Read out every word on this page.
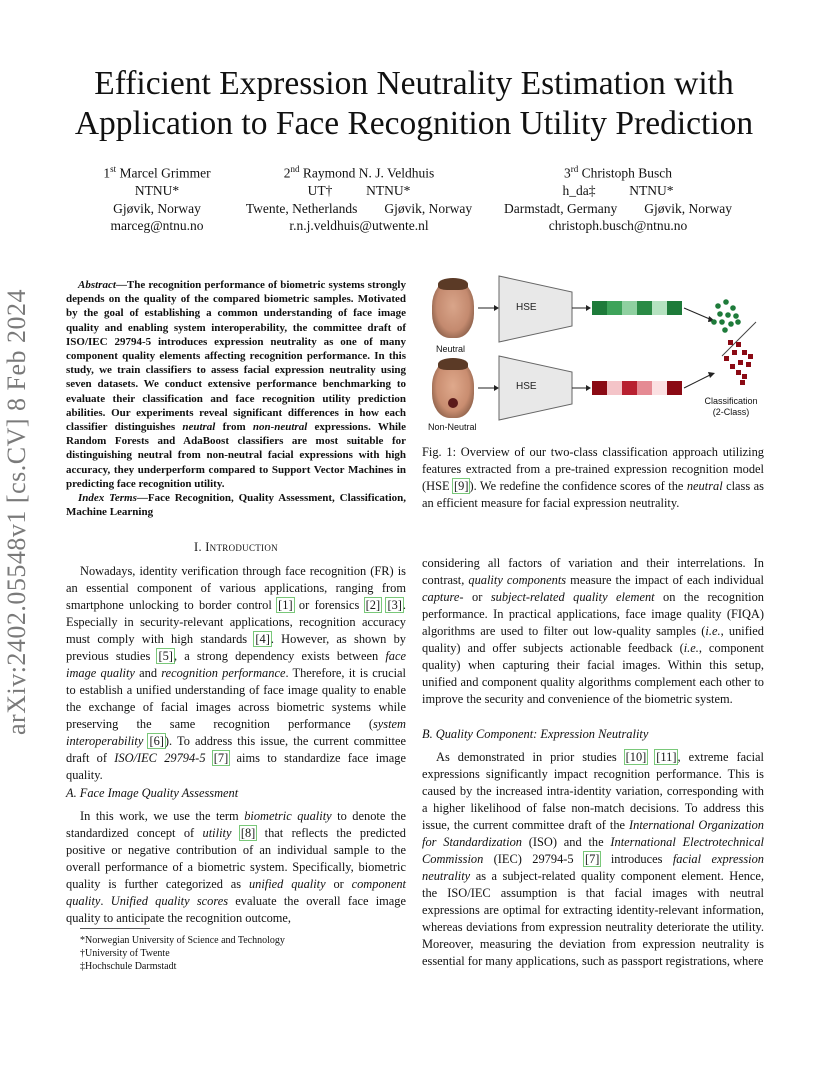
arXiv:2402.05548v1 [cs.CV] 8 Feb 2024
Efficient Expression Neutrality Estimation with
Application to Face Recognition Utility Prediction
1st Marcel Grimmer
NTNU*
Gjøvik, Norway
marceg@ntnu.no
2nd Raymond N. J. Veldhuis
UT†          NTNU*
Twente, Netherlands        Gjøvik, Norway
r.n.j.veldhuis@utwente.nl
3rd Christoph Busch
h_da‡          NTNU*
Darmstadt, Germany        Gjøvik, Norway
christoph.busch@ntnu.no

Abstract—The recognition performance of biometric systems strongly depends on the quality of the compared biometric samples. Motivated by the goal of establishing a common understanding of face image quality and enabling system interoperability, the committee draft of ISO/IEC 29794-5 introduces expression neutrality as one of many component quality elements affecting recognition performance. In this study, we train classifiers to assess facial expression neutrality using seven datasets. We conduct extensive performance benchmarking to evaluate their classification and face recognition utility prediction abilities. Our experiments reveal significant differences in how each classifier distinguishes neutral from non-neutral expressions. While Random Forests and AdaBoost classifiers are most suitable for distinguishing neutral from non-neutral facial expressions with high accuracy, they underperform compared to Support Vector Machines in predicting face recognition utility.

Index Terms—Face Recognition, Quality Assessment, Classification, Machine Learning

I. Introduction

Nowadays, identity verification through face recognition (FR) is an essential component of various applications, ranging from smartphone unlocking to border control [1] or forensics [2] [3]. Especially in security-relevant applications, recognition accuracy must comply with high standards [4]. However, as shown by previous studies [5], a strong dependency exists between face image quality and recognition performance. Therefore, it is crucial to establish a unified understanding of face image quality to enable the exchange of facial images across biometric systems while preserving the same recognition performance (system interoperability [6]). To address this issue, the current committee draft of ISO/IEC 29794-5 [7] aims to standardize face image quality.

A. Face Image Quality Assessment

In this work, we use the term biometric quality to denote the standardized concept of utility [8] that reflects the predicted positive or negative contribution of an individual sample to the overall performance of a biometric system. Specifically, biometric quality is further categorized as unified quality or component quality. Unified quality scores evaluate the overall face image quality to anticipate the recognition outcome,

*Norwegian University of Science and Technology
†University of Twente
‡Hochschule Darmstadt
Neutral
Non-Neutral
HSE
HSE
Classification
(2-Class)
Fig. 1: Overview of our two-class classification approach utilizing features extracted from a pre-trained expression recognition model (HSE [9]). We redefine the confidence scores of the neutral class as an efficient measure for facial expression neutrality.

considering all factors of variation and their interrelations. In contrast, quality components measure the impact of each individual capture- or subject-related quality element on the recognition performance. In practical applications, face image quality (FIQA) algorithms are used to filter out low-quality samples (i.e., unified quality) and offer subjects actionable feedback (i.e., component quality) when capturing their facial images. Within this setup, unified and component quality algorithms complement each other to improve the security and convenience of the biometric system.

B. Quality Component: Expression Neutrality

As demonstrated in prior studies [10] [11], extreme facial expressions significantly impact recognition performance. This is caused by the increased intra-identity variation, corresponding with a higher likelihood of false non-match decisions. To address this issue, the current committee draft of the International Organization for Standardization (ISO) and the International Electrotechnical Commission (IEC) 29794-5 [7] introduces facial expression neutrality as a subject-related quality component element. Hence, the ISO/IEC assumption is that facial images with neutral expressions are optimal for extracting identity-relevant information, whereas deviations from expression neutrality deteriorate the utility. Moreover, measuring the deviation from expression neutrality is essential for many applications, such as passport registrations, where
